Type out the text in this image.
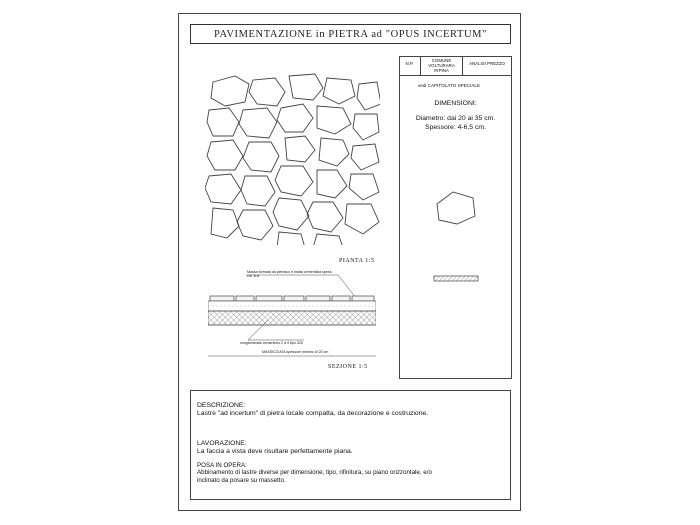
PAVIMENTAZIONE in PIETRA ad "OPUS INCERTUM"
PIANTA 1:5
Massa formata da pietrisco e malta cementizia spess. cm. 6-8
conglomerato cementizio 2 a 4 tipo 325
MASSICCIATA spessore minimo di 20 cm
SEZIONE 1:5
N.P.
COMUNE VOLTURARA IRPINA
ANALISI PREZZO
vedi CAPITOLATO SPECIALE
DIMENSIONI:
Diametro: dai 20 ai 35 cm.
Spessore: 4-6,5 cm.
DESCRIZIONE:
Lastre "ad incertum" di pietra locale compatta, da decorazione e costruzione.
LAVORAZIONE:
La faccia a vista deve risultare perfettamente piana.
POSA IN OPERA:
Abbinamento di lastre diverse per dimensione, tipo, rifinitura, su piano orizzontale, e/o
inclinato da posare su massetto.
